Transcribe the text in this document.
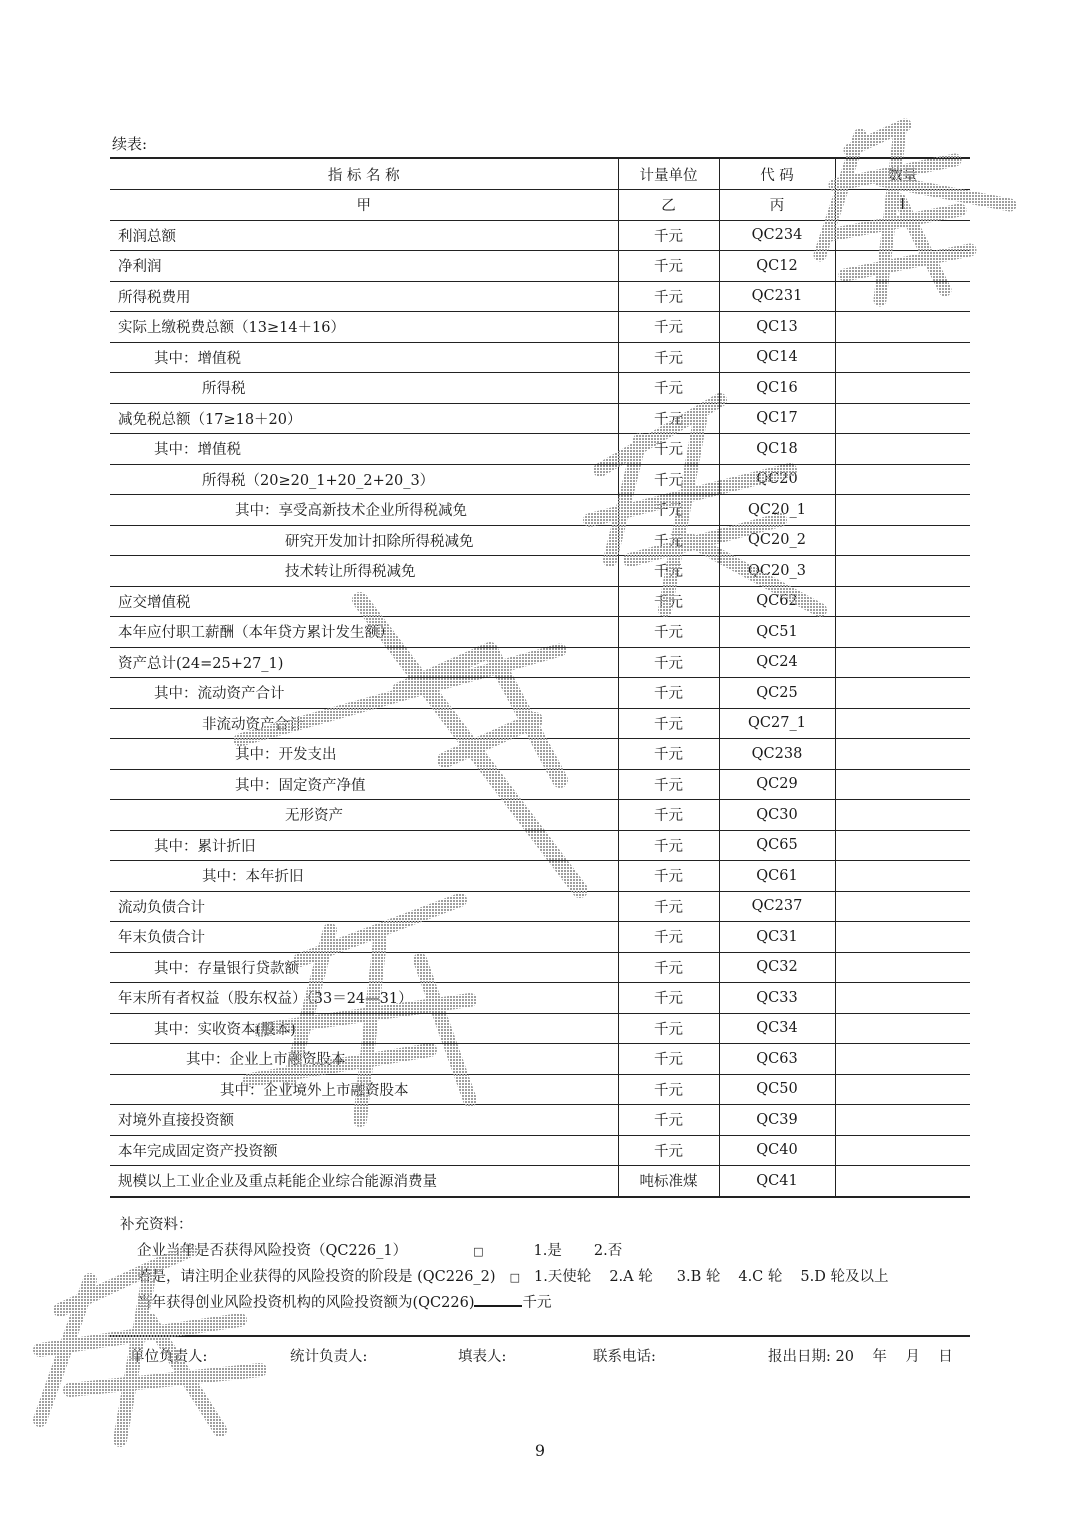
续表:
指 标 名 称	计量单位	代 码	数量
甲	乙	丙	1
利润总额	千元	QC234	
净利润	千元	QC12	
所得税费用	千元	QC231	
实际上缴税费总额（13≥14＋16）	千元	QC13	
其中：增值税	千元	QC14	
所得税	千元	QC16	
减免税总额（17≥18＋20）	千元	QC17	
其中：增值税	千元	QC18	
所得税（20≥20_1+20_2+20_3）	千元	QC20	
其中：享受高新技术企业所得税减免	千元	QC20_1	
研究开发加计扣除所得税减免	千元	QC20_2	
技术转让所得税减免	千元	QC20_3	
应交增值税	千元	QC62	
本年应付职工薪酬（本年贷方累计发生额）	千元	QC51	
资产总计(24=25+27_1)	千元	QC24	
其中：流动资产合计	千元	QC25	
非流动资产合计	千元	QC27_1	
其中：开发支出	千元	QC238	
其中：固定资产净值	千元	QC29	
无形资产	千元	QC30	
其中：累计折旧	千元	QC65	
其中：本年折旧	千元	QC61	
流动负债合计	千元	QC237	
年末负债合计	千元	QC31	
其中：存量银行贷款额	千元	QC32	
年末所有者权益（股东权益）（33＝24—31）	千元	QC33	
其中：实收资本(股本)	千元	QC34	
其中：企业上市融资股本	千元	QC63	
其中：企业境外上市融资股本	千元	QC50	
对境外直接投资额	千元	QC39	
本年完成固定资产投资额	千元	QC40	
规模以上工业企业及重点耗能企业综合能源消费量	吨标准煤	QC41	
补充资料：
企业当年是否获得风险投资（QC226_1）	□	1.是 2.否
若是，请注明企业获得的风险投资的阶段是 (QC226_2) □ 1.天使轮 2.A 轮 3.B 轮 4.C 轮 5.D 轮及以上
当年获得创业风险投资机构的风险投资额为(QC226)	千元
单位负责人:	统计负责人:	填表人:	联系电话:	报出日期: 20    年    月    日
9
